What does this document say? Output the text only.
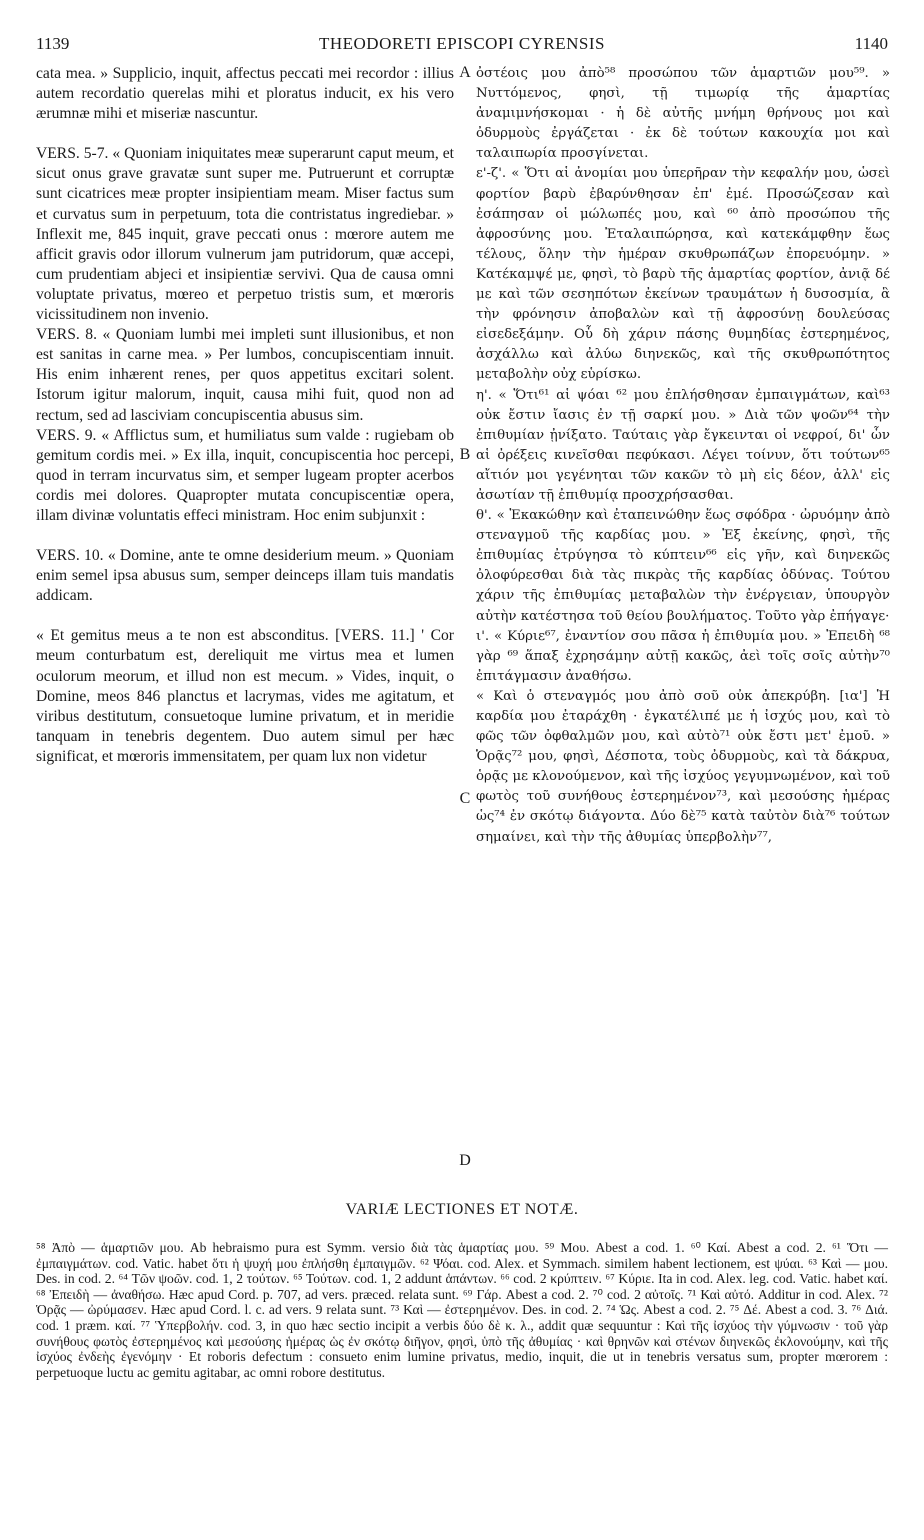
1139	THEODORETI EPISCOPI CYRENSIS	1140

cata mea. » Supplicio, inquit, affectus peccati mei recordor : illius autem recordatio querelas mihi et ploratus inducit, ex his vero ærumnæ mihi et miseriæ nascuntur.

VERS. 5-7. « Quoniam iniquitates meæ superarunt caput meum, et sicut onus grave gravatæ sunt super me. Putruerunt et corruptæ sunt cicatrices meæ propter insipientiam meam. Miser factus sum et curvatus sum in perpetuum, tota die contristatus ingrediebar. » Inflexit me, 845 inquit, grave peccati onus : mœrore autem me afficit gravis odor illorum vulnerum jam putridorum, quæ accepi, cum prudentiam abjeci et insipientiæ servivi. Qua de causa omni voluptate privatus, mœreo et perpetuo tristis sum, et mœroris vicissitudinem non invenio.

VERS. 8. « Quoniam lumbi mei impleti sunt illusionibus, et non est sanitas in carne mea. » Per lumbos, concupiscentiam innuit. His enim inhærent renes, per quos appetitus excitari solent. Istorum igitur malorum, inquit, causa mihi fuit, quod non ad rectum, sed ad lasciviam concupiscentia abusus sim.

VERS. 9. « Afflictus sum, et humiliatus sum valde : rugiebam ob gemitum cordis mei. » Ex illa, inquit, concupiscentia hoc percepi, quod in terram incurvatus sim, et semper lugeam propter acerbos cordis mei dolores. Quapropter mutata concupiscentiæ opera, illam divinæ voluntatis effeci ministram. Hoc enim subjunxit :

VERS. 10. « Domine, ante te omne desiderium meum. » Quoniam enim semel ipsa abusus sum, semper deinceps illam tuis mandatis addicam.

« Et gemitus meus a te non est absconditus. [VERS. 11.] ' Cor meum conturbatum est, dereliquit me virtus mea et lumen oculorum meorum, et illud non est mecum. » Vides, inquit, o Domine, meos 846 planctus et lacrymas, vides me agitatum, et viribus destitutum, consuetoque lumine privatum, et in meridie tanquam in tenebris degentem. Duo autem simul per hæc significat, et mœroris immensitatem, per quam lux non videtur

A
B
C
D

ὀστέοις μου ἀπὸ⁵⁸ προσώπου τῶν ἁμαρτιῶν μου⁵⁹. » Νυττόμενος, φησὶ, τῇ τιμωρίᾳ τῆς ἁμαρτίας ἀναμιμνήσκομαι · ἡ δὲ αὐτῆς μνήμη θρήνους μοι καὶ ὀδυρμοὺς ἐργάζεται · ἐκ δὲ τούτων κακουχία μοι καὶ ταλαιπωρία προσγίνεται.

ε'-ζ'. « Ὅτι αἱ ἀνομίαι μου ὑπερῆραν τὴν κεφαλήν μου, ὡσεὶ φορτίον βαρὺ ἐβαρύνθησαν ἐπ' ἐμέ. Προσώζεσαν καὶ ἐσάπησαν οἱ μώλωπές μου, καὶ ⁶⁰ ἀπὸ προσώπου τῆς ἀφροσύνης μου. Ἐταλαιπώρησα, καὶ κατεκάμφθην ἕως τέλους, ὅλην τὴν ἡμέραν σκυθρωπάζων ἐπορευόμην. » Κατέκαμψέ με, φησὶ, τὸ βαρὺ τῆς ἁμαρτίας φορτίον, ἀνιᾷ δέ με καὶ τῶν σεσηπότων ἐκείνων τραυμάτων ἡ δυσοσμία, ἃ τὴν φρόνησιν ἀποβαλὼν καὶ τῇ ἀφροσύνῃ δουλεύσας εἰσεδεξάμην. Οὗ δὴ χάριν πάσης θυμηδίας ἐστερημένος, ἀσχάλλω καὶ ἀλύω διηνεκῶς, καὶ τῆς σκυθρωπότητος μεταβολὴν οὐχ εὑρίσκω.

η'. « Ὅτι⁶¹ αἱ ψόαι ⁶² μου ἐπλήσθησαν ἐμπαιγμάτων, καὶ⁶³ οὐκ ἔστιν ἴασις ἐν τῇ σαρκί μου. » Διὰ τῶν ψοῶν⁶⁴ τὴν ἐπιθυμίαν ᾐνίξατο. Ταύταις γὰρ ἔγκεινται οἱ νεφροί, δι' ὧν αἱ ὀρέξεις κινεῖσθαι πεφύκασι. Λέγει τοίνυν, ὅτι τούτων⁶⁵ αἴτιόν μοι γεγένηται τῶν κακῶν τὸ μὴ εἰς δέον, ἀλλ' εἰς ἀσωτίαν τῇ ἐπιθυμίᾳ προσχρήσασθαι.

θ'. « Ἐκακώθην καὶ ἐταπεινώθην ἕως σφόδρα · ὠρυόμην ἀπὸ στεναγμοῦ τῆς καρδίας μου. » Ἐξ ἐκείνης, φησὶ, τῆς ἐπιθυμίας ἐτρύγησα τὸ κύπτειν⁶⁶ εἰς γῆν, καὶ διηνεκῶς ὀλοφύρεσθαι διὰ τὰς πικρὰς τῆς καρδίας ὀδύνας. Τούτου χάριν τῆς ἐπιθυμίας μεταβαλὼν τὴν ἐνέργειαν, ὑπουργὸν αὐτὴν κατέστησα τοῦ θείου βουλήματος. Τοῦτο γὰρ ἐπήγαγε·

ι'. « Κύριε⁶⁷, ἐναντίον σου πᾶσα ἡ ἐπιθυμία μου. » Ἐπειδὴ ⁶⁸ γὰρ ⁶⁹ ἅπαξ ἐχρησάμην αὐτῇ κακῶς, ἀεὶ τοῖς σοῖς αὐτὴν⁷⁰ ἐπιτάγμασιν ἀναθήσω.

« Καὶ ὁ στεναγμός μου ἀπὸ σοῦ οὐκ ἀπεκρύβη. [ια'] Ἡ καρδία μου ἐταράχθη · ἐγκατέλιπέ με ἡ ἰσχύς μου, καὶ τὸ φῶς τῶν ὀφθαλμῶν μου, καὶ αὐτὸ⁷¹ οὐκ ἔστι μετ' ἐμοῦ. » Ὁρᾷς⁷² μου, φησὶ, Δέσποτα, τοὺς ὀδυρμοὺς, καὶ τὰ δάκρυα, ὁρᾷς με κλονούμενον, καὶ τῆς ἰσχύος γεγυμνωμένον, καὶ τοῦ φωτὸς τοῦ συνήθους ἐστερημένον⁷³, καὶ μεσούσης ἡμέρας ὡς⁷⁴ ἐν σκότῳ διάγοντα. Δύο δὲ⁷⁵ κατὰ ταὐτὸν διὰ⁷⁶ τούτων σημαίνει, καὶ τὴν τῆς ἀθυμίας ὑπερβολὴν⁷⁷,

VARIÆ LECTIONES ET NOTÆ.

⁵⁸ Ἀπὸ — ἁμαρτιῶν μου. Ab hebraismo pura est Symm. versio διὰ τὰς ἁμαρτίας μου. ⁵⁹ Μου. Abest a cod. 1. ⁶⁰ Καί. Abest a cod. 2. ⁶¹ Ὅτι — ἐμπαιγμάτων. cod. Vatic. habet ὅτι ἡ ψυχή μου ἐπλήσθη ἐμπαιγμῶν. ⁶² Ψόαι. cod. Alex. et Symmach. similem habent lectionem, est ψύαι. ⁶³ Καὶ — μου. Des. in cod. 2. ⁶⁴ Τῶν ψοῶν. cod. 1, 2 τούτων. ⁶⁵ Τούτων. cod. 1, 2 addunt ἁπάντων. ⁶⁶ cod. 2 κρύπτειν. ⁶⁷ Κύριε. Ita in cod. Alex. leg. cod. Vatic. habet καί. ⁶⁸ Ἐπειδὴ — ἀναθήσω. Hæc apud Cord. p. 707, ad vers. præced. relata sunt. ⁶⁹ Γάρ. Abest a cod. 2. ⁷⁰ cod. 2 αὐτοῖς. ⁷¹ Καὶ αὐτό. Additur in cod. Alex. ⁷² Ὁρᾷς — ὠρύμασεν. Hæc apud Cord. l. c. ad vers. 9 relata sunt. ⁷³ Καὶ — ἐστερημένον. Des. in cod. 2. ⁷⁴ Ὡς. Abest a cod. 2. ⁷⁵ Δέ. Abest a cod. 3. ⁷⁶ Διά. cod. 1 præm. καί. ⁷⁷ Ὑπερβολήν. cod. 3, in quo hæc sectio incipit a verbis δύο δὲ κ. λ., addit quæ sequuntur : Καὶ τῆς ἰσχύος τὴν γύμνωσιν · τοῦ γὰρ συνήθους φωτὸς ἐστερημένος καὶ μεσούσης ἡμέρας ὡς ἐν σκότῳ διῆγον, φησὶ, ὑπὸ τῆς ἀθυμίας · καὶ θρηνῶν καὶ στένων διηνεκῶς ἐκλονούμην, καὶ τῆς ἰσχύος ἐνδεὴς ἐγενόμην · Et roboris defectum : consueto enim lumine privatus, medio, inquit, die ut in tenebris versatus sum, propter mœrorem : perpetuoque luctu ac gemitu agitabar, ac omni robore destitutus.
